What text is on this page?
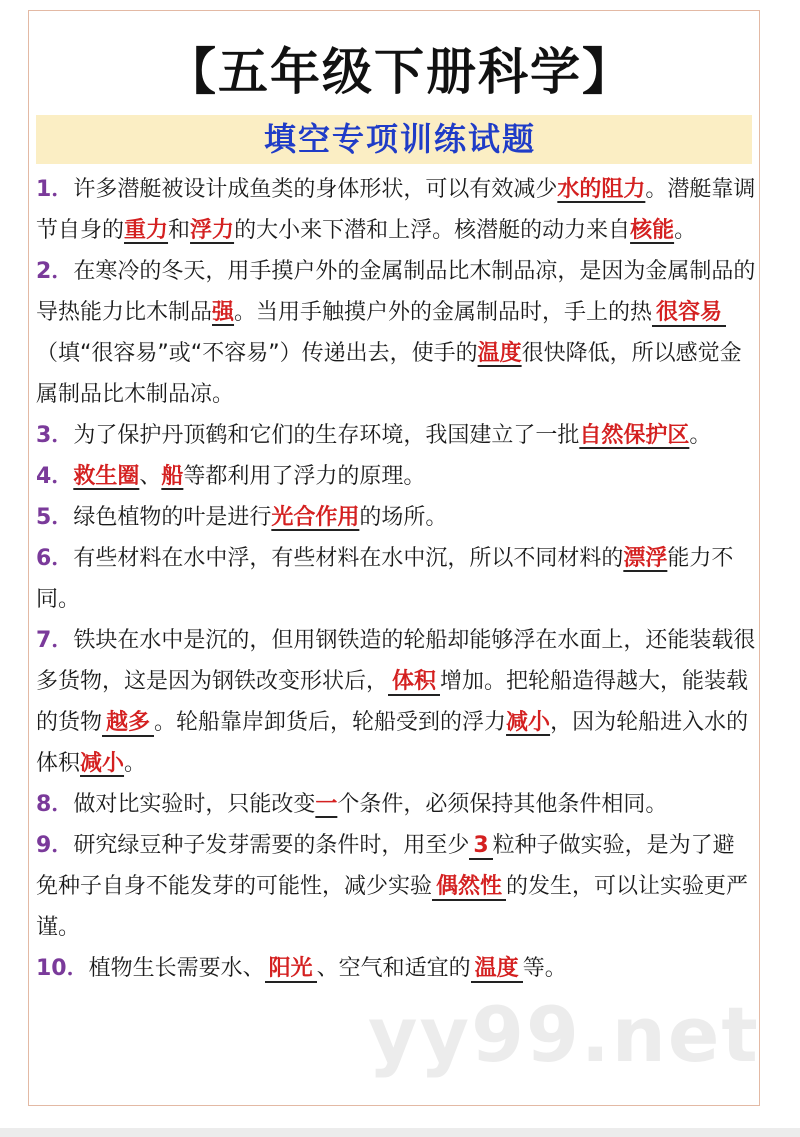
【五年级下册科学】
填空专项训练试题

1．许多潜艇被设计成鱼类的身体形状，可以有效减少水的阻力。潜艇靠调节自身的重力和浮力的大小来下潜和上浮。核潜艇的动力来自核能。

2．在寒冷的冬天，用手摸户外的金属制品比木制品凉，是因为金属制品的导热能力比木制品强。当用手触摸户外的金属制品时，手上的热 很容易（填“很容易”或“不容易”）传递出去，使手的温度很快降低，所以感觉金属制品比木制品凉。

3．为了保护丹顶鹤和它们的生存环境，我国建立了一批自然保护区。

4．救生圈、船等都利用了浮力的原理。

5．绿色植物的叶是进行光合作用的场所。

6．有些材料在水中浮，有些材料在水中沉，所以不同材料的漂浮能力不同。

7．铁块在水中是沉的，但用钢铁造的轮船却能够浮在水面上，还能装载很多货物，这是因为钢铁改变形状后， 体积 增加。把轮船造得越大，能装载的货物 越多 。轮船靠岸卸货后，轮船受到的浮力减小，因为轮船进入水的体积减小。

8．做对比实验时，只能改变一个条件，必须保持其他条件相同。

9．研究绿豆种子发芽需要的条件时，用至少 3 粒种子做实验，是为了避免种子自身不能发芽的可能性，减少实验 偶然性 的发生，可以让实验更严谨。

10．植物生长需要水、 阳光 、空气和适宜的 温度 等。

yy99.net
